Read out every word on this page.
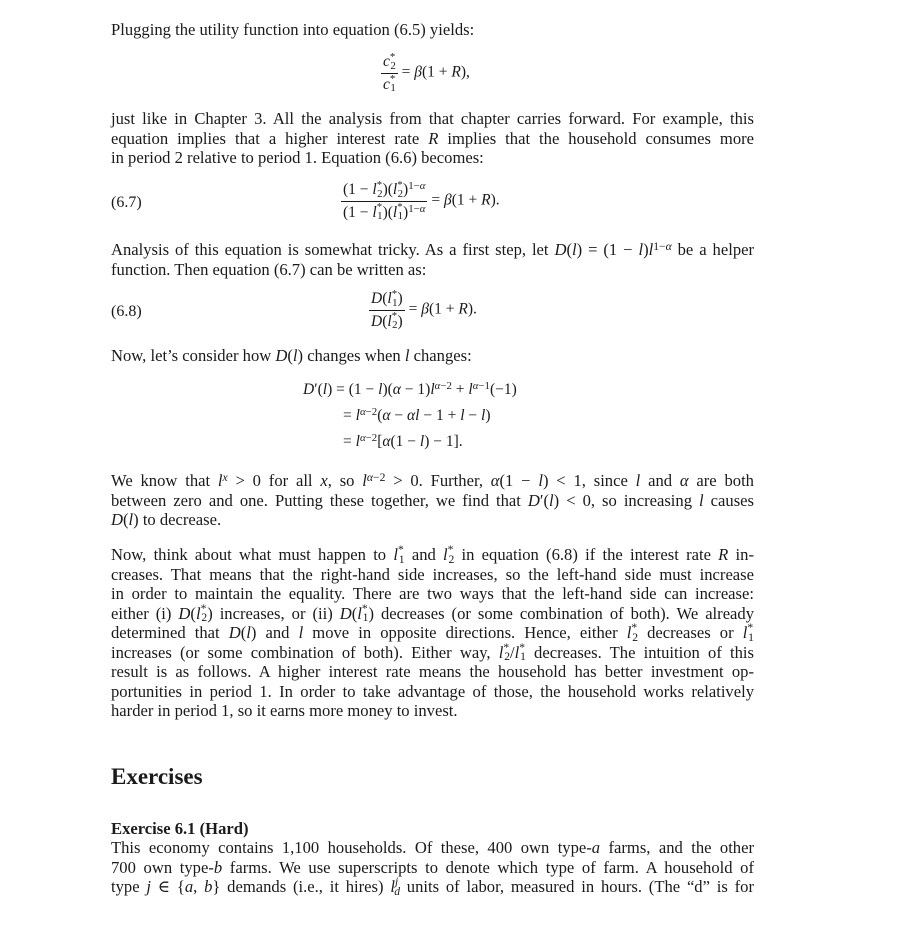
Plugging the utility function into equation (6.5) yields:
$\frac{c^*_2}{c^*_1} = \beta(1 + R)$,
just like in Chapter 3. All the analysis from that chapter carries forward. For example, this
equation implies that a higher interest rate R implies that the household consumes more
in period 2 relative to period 1. Equation (6.6) becomes:
(6.7)	$\frac{(1 - l^*_2)(l^*_2)^{1-\alpha}}{(1 - l^*_1)(l^*_1)^{1-\alpha}} = \beta(1 + R)$.
Analysis of this equation is somewhat tricky. As a first step, let $D(l) = (1 - l)l^{1-\alpha}$ be a helper
function. Then equation (6.7) can be written as:
(6.8)	$\frac{D(l^*_1)}{D(l^*_2)} = \beta(1 + R)$.
Now, let’s consider how D(l) changes when l changes:
$D'(l) = (1 - l)(\alpha - 1)l^{\alpha-2} + l^{\alpha-1}(-1)$
= $l^{\alpha-2}(\alpha - \alpha l - 1 + l - l)$
= $l^{\alpha-2}[\alpha(1 - l) - 1]$.
We know that $l^x > 0$ for all x, so $l^{\alpha-2} > 0$. Further, α(1 − l) < 1, since l and α are both
between zero and one. Putting these together, we find that D′(l) < 0, so increasing l causes
D(l) to decrease.
Now, think about what must happen to $l^*_1$ and $l^*_2$ in equation (6.8) if the interest rate R in-
creases. That means that the right-hand side increases, so the left-hand side must increase
in order to maintain the equality. There are two ways that the left-hand side can increase:
either (i) $D(l^*_2)$ increases, or (ii) $D(l^*_1)$ decreases (or some combination of both). We already
determined that D(l) and l move in opposite directions. Hence, either $l^*_2$ decreases or $l^*_1$
increases (or some combination of both). Either way, $l^*_2/l^*_1$ decreases. The intuition of this
result is as follows. A higher interest rate means the household has better investment op-
portunities in period 1. In order to take advantage of those, the household works relatively
harder in period 1, so it earns more money to invest.
Exercises
Exercise 6.1 (Hard)
This economy contains 1,100 households. Of these, 400 own type-a farms, and the other
700 own type-b farms. We use superscripts to denote which type of farm. A household of
type j ∈ {a, b} demands (i.e., it hires) $l^j_d$ units of labor, measured in hours. (The “d” is for
